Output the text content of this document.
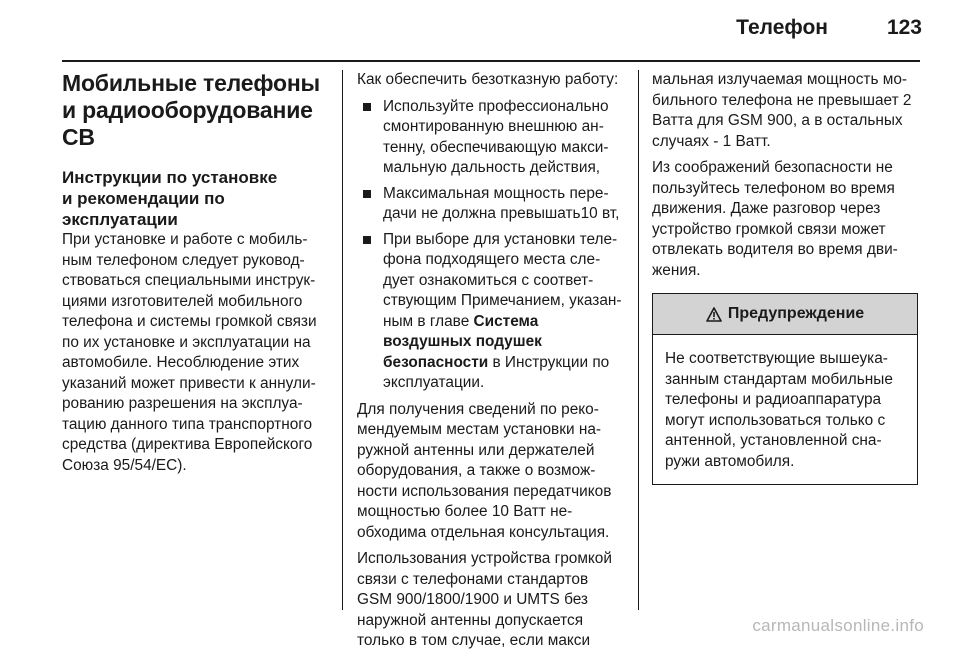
Телефон	123
Мобильные телефоны
и радиооборудование СВ
Инструкции по установке
и рекомендации по
эксплуатации

При установке и работе с мобильным телефоном следует руководствоваться специальными инструкциями изготовителей мобильного телефона и системы громкой связи по их установке и эксплуатации на автомобиле. Несоблюдение этих указаний может привести к аннулированию разрешения на эксплуатацию данного типа транспортного средства (директива Европейского Союза 95/54/ЕС).

Как обеспечить безотказную работу:

Используйте профессионально смонтированную внешнюю антенну, обеспечивающую максимальную дальность действия,
Максимальная мощность передачи не должна превышать10 вт,
При выборе для установки телефона подходящего места следует ознакомиться с соответствующим Примечанием, указанным в главе Система воздушных подушек безопасности в Инструкции по эксплуатации.

Для получения сведений по рекомендуемым местам установки наружной антенны или держателей оборудования, а также о возможности использования передатчиков мощностью более 10 Ватт необходима отдельная консультация.

Использования устройства громкой связи с телефонами стандартов GSM 900/1800/1900 и UMTS без наружной антенны допускается только в том случае, если макси

мальная излучаемая мощность мобильного телефона не превышает 2 Ватта для GSM 900, а в остальных случаях - 1 Ватт.

Из соображений безопасности не пользуйтесь телефоном во время движения. Даже разговор через устройство громкой связи может отвлекать водителя во время движения.

Предупреждение
Не соответствующие вышеуказанным стандартам мобильные телефоны и радиоаппаратура могут использоваться только с антенной, установленной снаружи автомобиля.
carmanualsonline.info
